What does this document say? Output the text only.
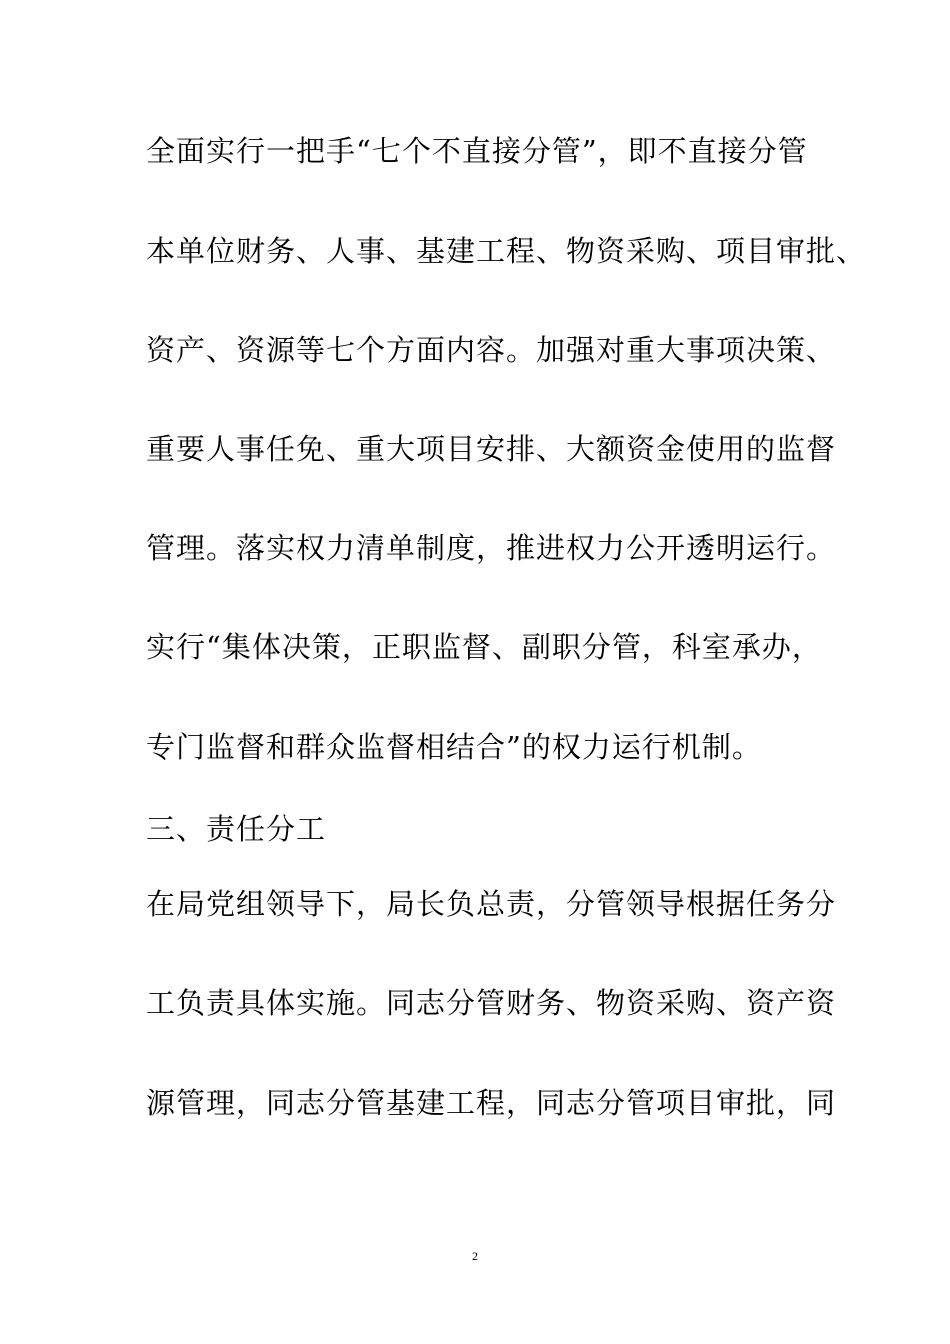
全面实行一把手“七个不直接分管”，即不直接分管
本单位财务、人事、基建工程、物资采购、项目审批、
资产、资源等七个方面内容。加强对重大事项决策、
重要人事任免、重大项目安排、大额资金使用的监督
管理。落实权力清单制度，推进权力公开透明运行。
实行“集体决策，正职监督、副职分管，科室承办，
专门监督和群众监督相结合”的权力运行机制。
三、责任分工
在局党组领导下，局长负总责，分管领导根据任务分
工负责具体实施。同志分管财务、物资采购、资产资
源管理，同志分管基建工程，同志分管项目审批，同
2
